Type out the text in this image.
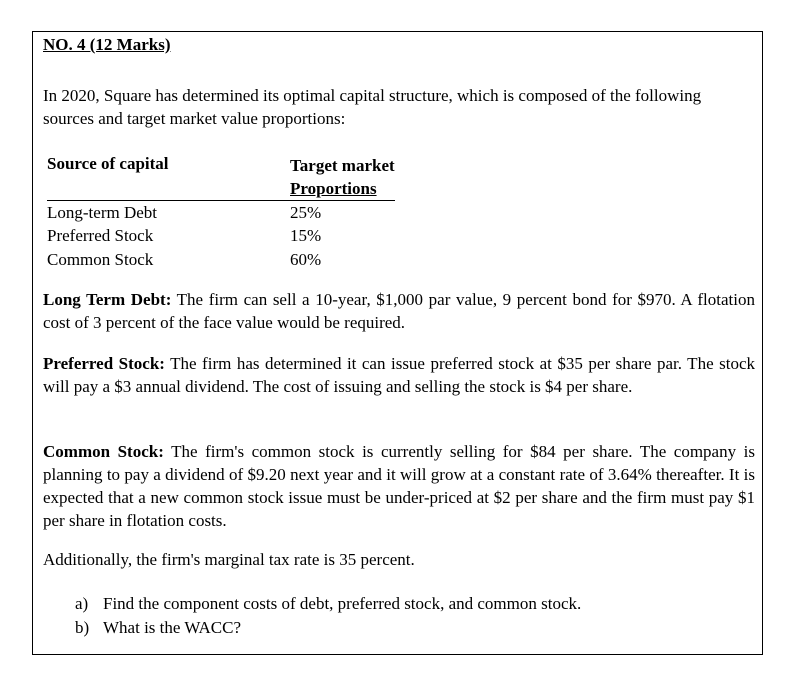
NO. 4 (12 Marks)
In 2020, Square has determined its optimal capital structure, which is composed of the following sources and target market value proportions:
Source of capital	Target market
Proportions
Long-term Debt	25%
Preferred Stock	15%
Common Stock	60%
Long Term Debt: The firm can sell a 10-year, $1,000 par value, 9 percent bond for $970. A flotation cost of 3 percent of the face value would be required.
Preferred Stock: The firm has determined it can issue preferred stock at $35 per share par. The stock will pay a $3 annual dividend. The cost of issuing and selling the stock is $4 per share.
Common Stock: The firm's common stock is currently selling for $84 per share. The company is planning to pay a dividend of $9.20 next year and it will grow at a constant rate of 3.64% thereafter. It is expected that a new common stock issue must be under-priced at $2 per share and the firm must pay $1 per share in flotation costs.
Additionally, the firm's marginal tax rate is 35 percent.
a) Find the component costs of debt, preferred stock, and common stock.
b) What is the WACC?
